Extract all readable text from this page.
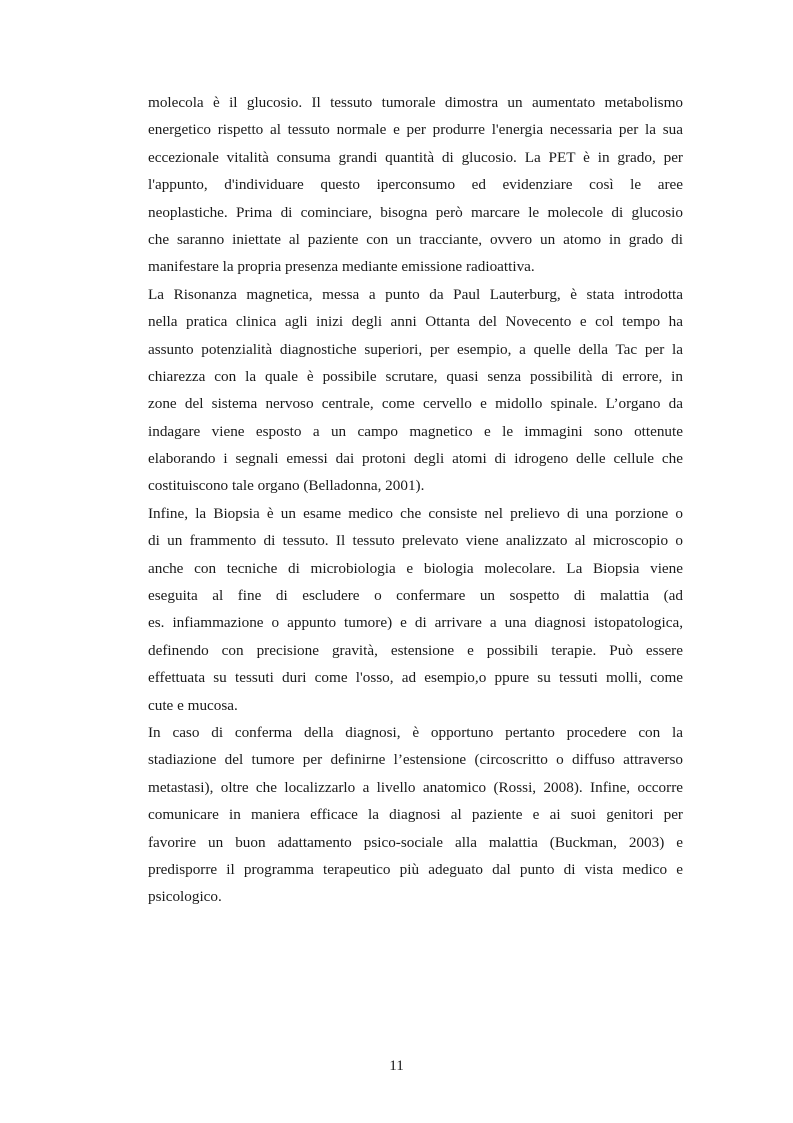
molecola è il glucosio. Il tessuto tumorale dimostra un aumentato metabolismo
energetico rispetto al tessuto normale e per produrre l'energia necessaria per la sua
eccezionale vitalità consuma grandi quantità di glucosio. La PET è in grado, per
l'appunto, d'individuare questo iperconsumo ed evidenziare così le aree
neoplastiche. Prima di cominciare, bisogna però marcare le molecole di glucosio
che saranno iniettate al paziente con un tracciante, ovvero un atomo in grado di
manifestare la propria presenza mediante emissione radioattiva.
La Risonanza magnetica, messa a punto da Paul Lauterburg, è stata introdotta
nella pratica clinica agli inizi degli anni Ottanta del Novecento e col tempo ha
assunto potenzialità diagnostiche superiori, per esempio, a quelle della Tac per la
chiarezza con la quale è possibile scrutare, quasi senza possibilità di errore, in
zone del sistema nervoso centrale, come cervello e midollo spinale. L’organo da
indagare viene esposto a un campo magnetico e le immagini sono ottenute
elaborando i segnali emessi dai protoni degli atomi di idrogeno delle cellule che
costituiscono tale organo (Belladonna, 2001).
Infine, la Biopsia è un esame medico che consiste nel prelievo di una porzione o
di un frammento di tessuto. Il tessuto prelevato viene analizzato al microscopio o
anche con tecniche di microbiologia e biologia molecolare. La Biopsia viene
eseguita al fine di escludere o confermare un sospetto di malattia (ad
es. infiammazione o appunto tumore) e di arrivare a una diagnosi istopatologica,
definendo con precisione gravità, estensione e possibili terapie. Può essere
effettuata su tessuti duri come l'osso, ad esempio,o ppure su tessuti molli, come
cute e mucosa.
In caso di conferma della diagnosi, è opportuno pertanto procedere con la
stadiazione del tumore per definirne l’estensione (circoscritto o diffuso attraverso
metastasi), oltre che localizzarlo a livello anatomico (Rossi, 2008). Infine, occorre
comunicare in maniera efficace la diagnosi al paziente e ai suoi genitori per
favorire un buon adattamento psico-sociale alla malattia (Buckman, 2003) e
predisporre il programma terapeutico più adeguato dal punto di vista medico e
psicologico.
11
